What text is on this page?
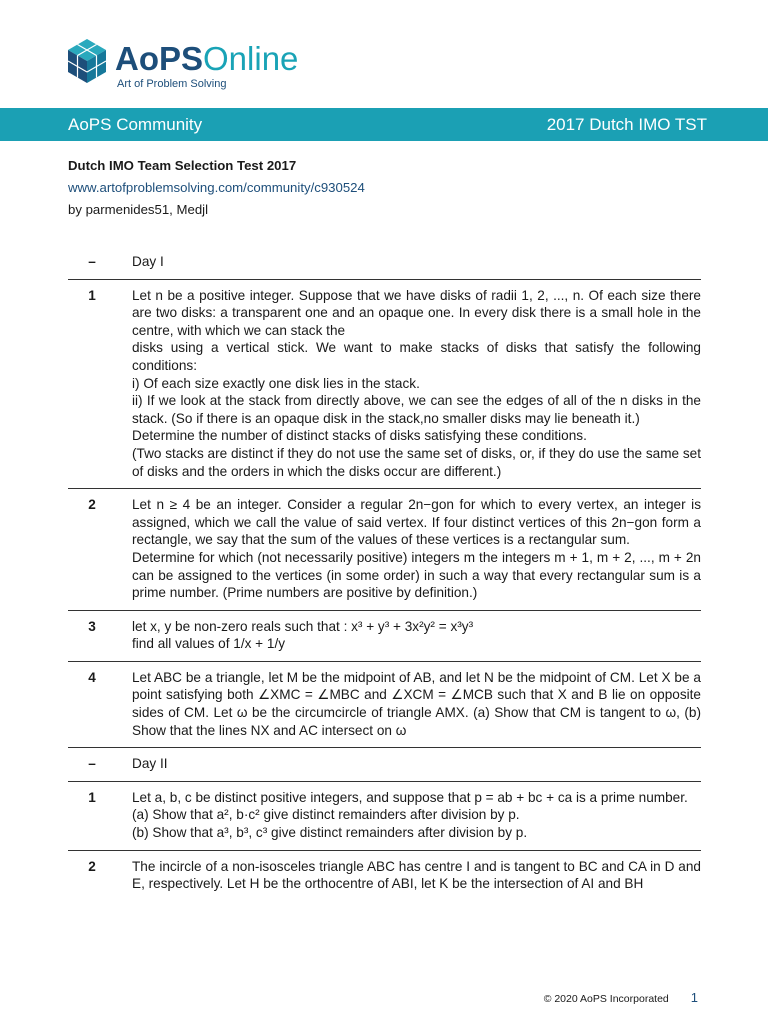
AoPSOnline
Art of Problem Solving
AoPS Community	2017 Dutch IMO TST
Dutch IMO Team Selection Test 2017
www.artofproblemsolving.com/community/c930524
by parmenides51, Medjl
–	Day I
1	Let n be a positive integer. Suppose that we have disks of radii 1, 2, ..., n. Of each size there are two disks: a transparent one and an opaque one. In every disk there is a small hole in the centre, with which we can stack the
disks using a vertical stick. We want to make stacks of disks that satisfy the following conditions:
i) Of each size exactly one disk lies in the stack.
ii) If we look at the stack from directly above, we can see the edges of all of the n disks in the stack. (So if there is an opaque disk in the stack,no smaller disks may lie beneath it.)
Determine the number of distinct stacks of disks satisfying these conditions.
(Two stacks are distinct if they do not use the same set of disks, or, if they do use the same set of disks and the orders in which the disks occur are different.)
2	Let n ≥ 4 be an integer. Consider a regular 2n−gon for which to every vertex, an integer is assigned, which we call the value of said vertex. If four distinct vertices of this 2n−gon form a rectangle, we say that the sum of the values of these vertices is a rectangular sum.
Determine for which (not necessarily positive) integers m the integers m + 1, m + 2, ..., m + 2n can be assigned to the vertices (in some order) in such a way that every rectangular sum is a prime number. (Prime numbers are positive by definition.)
3	let x, y be non-zero reals such that : x³ + y³ + 3x²y² = x³y³
find all values of 1/x + 1/y
4	Let ABC be a triangle, let M be the midpoint of AB, and let N be the midpoint of CM. Let X be a point satisfying both ∠XMC = ∠MBC and ∠XCM = ∠MCB such that X and B lie on opposite sides of CM. Let ω be the circumcircle of triangle AMX. (a) Show that CM is tangent to ω, (b) Show that the lines NX and AC intersect on ω
–	Day II
1	Let a, b, c be distinct positive integers, and suppose that p = ab + bc + ca is a prime number.
(a) Show that a², b·c² give distinct remainders after division by p.
(b) Show that a³, b³, c³ give distinct remainders after division by p.
2	The incircle of a non-isosceles triangle ABC has centre I and is tangent to BC and CA in D and E, respectively. Let H be the orthocentre of ABI, let K be the intersection of AI and BH
© 2020 AoPS Incorporated 1
